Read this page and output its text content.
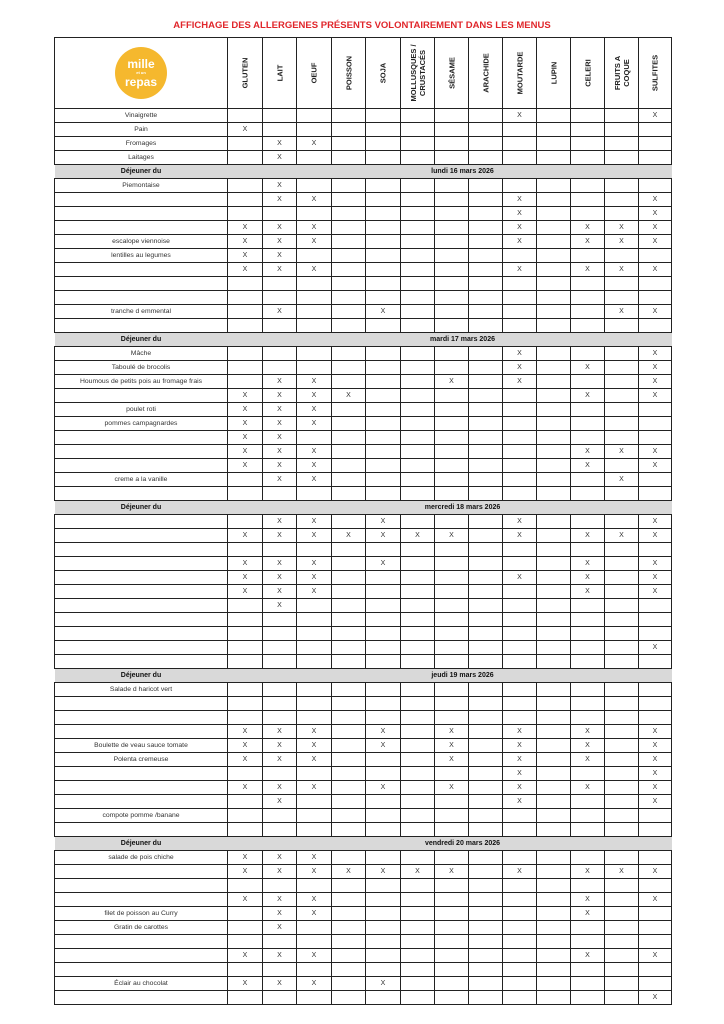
AFFICHAGE DES ALLERGENES PRÉSENTS VOLONTAIREMENT DANS LES MENUS
mille
et un
repas	GLUTEN	LAIT	OEUF	POISSON	SOJA	MOLLUSQUES /
CRUSTACÉS	SÉSAME	ARACHIDE	MOUTARDE	LUPIN	CELERI	FRUITS A
COQUE	SULFITES

Vinaigrette									X				X
Pain	X												
Fromages		X	X										
Laitages		X											
Déjeuner du	lundi 16 mars 2026												
Piemontaise		X											
		X	X						X				X
									X				X
	X	X	X						X		X	X	X
escalope viennoise	X	X	X						X		X	X	X
lentilles au legumes	X	X											
	X	X	X						X		X	X	X

tranche d emmental		X			X							X	X

Déjeuner du	mardi 17 mars 2026												
Mâche									X				X
Taboulé de brocolis									X		X		X
Houmous de petits pois au fromage frais		X	X				X		X				X
	X	X	X	X							X		X
poulet roti	X	X	X										
pommes campagnardes	X	X	X										
	X	X											
	X	X	X								X	X	X
	X	X	X								X		X
creme a la vanille		X	X									X	

Déjeuner du	mercredi 18 mars 2026												
		X	X		X				X				X
	X	X	X	X	X	X	X		X		X	X	X

	X	X	X		X						X		X
	X	X	X						X		X		X
	X	X	X								X		X
		X											

													X

Déjeuner du	jeudi 19 mars 2026												
Salade d haricot vert													

	X	X	X		X		X		X		X		X
Boulette de veau sauce tomate	X	X	X		X		X		X		X		X
Polenta cremeuse	X	X	X				X		X		X		X
									X				X
	X	X	X		X		X		X		X		X
		X							X				X
compote pomme /banane													

Déjeuner du	vendredi 20 mars 2026												
salade de pois chiche	X	X	X										
	X	X	X	X	X	X	X		X		X	X	X

	X	X	X								X		X
filet de poisson au Curry		X	X								X		
Gratin de carottes		X											

	X	X	X								X		X

Éclair au chocolat	X	X	X		X								
													X
